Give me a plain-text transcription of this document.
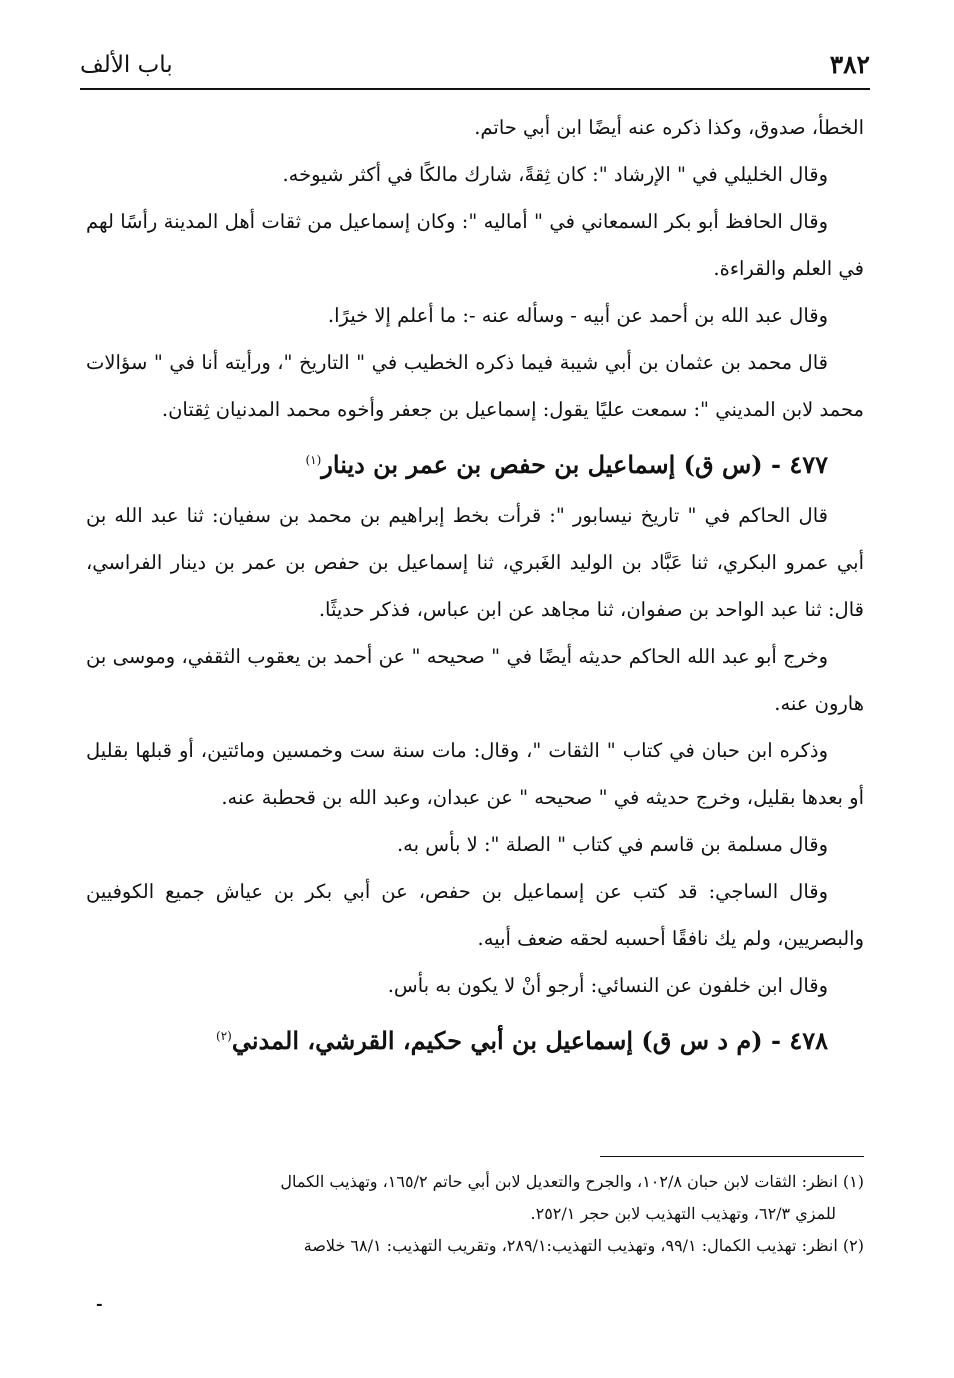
٣٨٢
باب الألف

الخطأ، صدوق، وكذا ذكره عنه أيضًا ابن أبي حاتم.

وقال الخليلي في " الإرشاد ": كان ثِقةً، شارك مالكًا في أكثر شيوخه.

وقال الحافظ أبو بكر السمعاني في " أماليه ": وكان إسماعيل من ثقات أهل المدينة رأسًا لهم في العلم والقراءة.

وقال عبد الله بن أحمد عن أبيه - وسأله عنه -: ما أعلم إلا خيرًا.

قال محمد بن عثمان بن أبي شيبة فيما ذكره الخطيب في " التاريخ "، ورأيته أنا في " سؤالات محمد لابن المديني ": سمعت عليًا يقول: إسماعيل بن جعفر وأخوه محمد المدنيان ثِقتان.

٤٧٧ - (س ق) إسماعيل بن حفص بن عمر بن دينار$^{(١)}$

قال الحاكم في " تاريخ نيسابور ": قرأت بخط إبراهيم بن محمد بن سفيان: ثنا عبد الله بن أبي عمرو البكري، ثنا عَبَّاد بن الوليد الغَبري، ثنا إسماعيل بن حفص بن عمر بن دينار الفراسي، قال: ثنا عبد الواحد بن صفوان، ثنا مجاهد عن ابن عباس، فذكر حديثًا.

وخرج أبو عبد الله الحاكم حديثه أيضًا في " صحيحه " عن أحمد بن يعقوب الثقفي، وموسى بن هارون عنه.

وذكره ابن حبان في كتاب " الثقات "، وقال: مات سنة ست وخمسين ومائتين، أو قبلها بقليل أو بعدها بقليل، وخرج حديثه في " صحيحه " عن عبدان، وعبد الله بن قحطبة عنه.

وقال مسلمة بن قاسم في كتاب " الصلة ": لا بأس به.

وقال الساجي: قد كتب عن إسماعيل بن حفص، عن أبي بكر بن عياش جميع الكوفيين والبصريين، ولم يك نافقًا أحسبه لحقه ضعف أبيه.

وقال ابن خلفون عن النسائي: أرجو أنْ لا يكون به بأس.

٤٧٨ - (م د س ق) إسماعيل بن أبي حكيم، القرشي، المدني$^{(٢)}$

(١) انظر: الثقات لابن حبان ١٠٢/٨، والجرح والتعديل لابن أبي حاتم ١٦٥/٢، وتهذيب الكمال

للمزي ٦٢/٣، وتهذيب التهذيب لابن حجر ٢٥٢/١.

(٢) انظر: تهذيب الكمال: ٩٩/١، وتهذيب التهذيب:٢٨٩/١، وتقريب التهذيب: ٦٨/١ خلاصة

-
